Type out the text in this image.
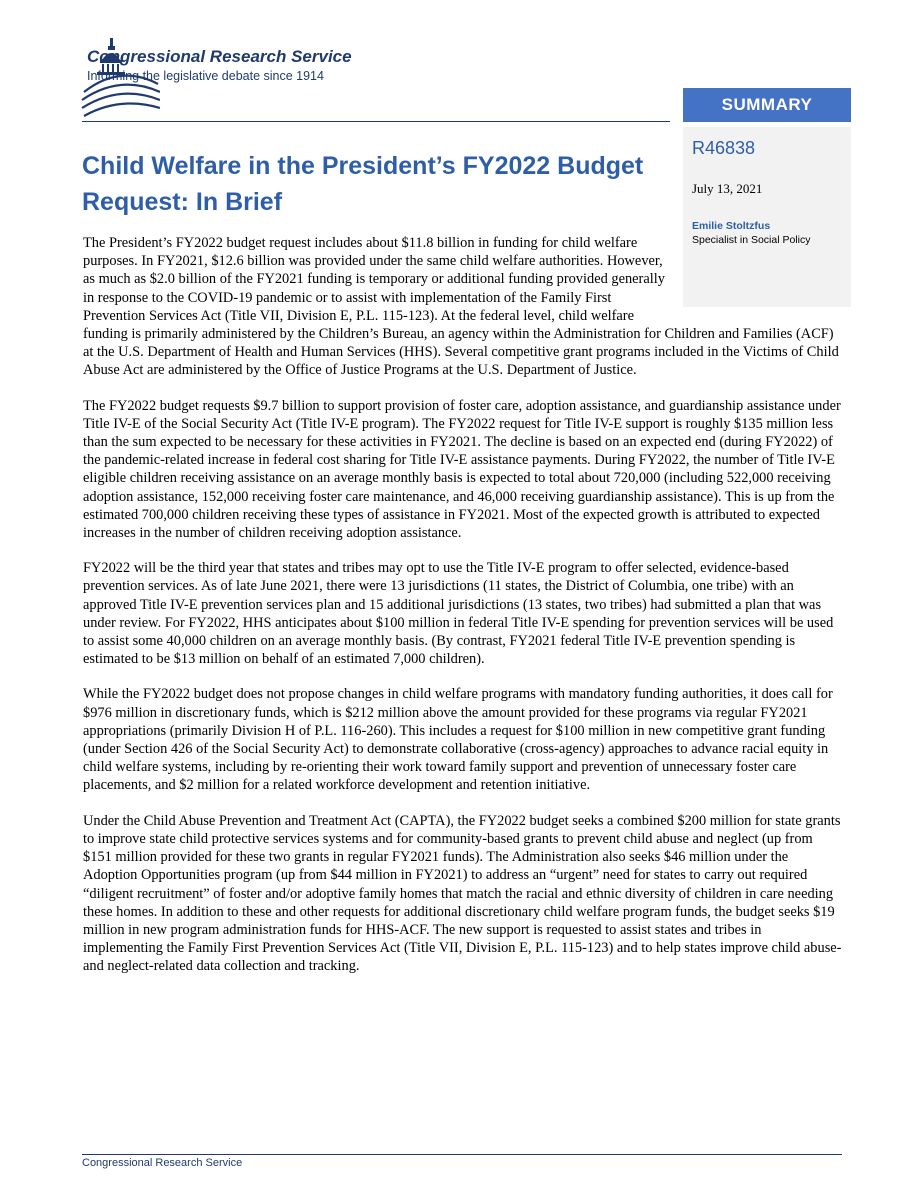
Congressional Research Service
Informing the legislative debate since 1914
SUMMARY
R46838
July 13, 2021
Emilie Stoltzfus
Specialist in Social Policy
Child Welfare in the President’s FY2022 Budget Request: In Brief

The President’s FY2022 budget request includes about $11.8 billion in funding for child welfare purposes. In FY2021, $12.6 billion was provided under the same child welfare authorities. However, as much as $2.0 billion of the FY2021 funding is temporary or additional funding provided generally in response to the COVID-19 pandemic or to assist with implementation of the Family First Prevention Services Act (Title VII, Division E, P.L. 115-123). At the federal level, child welfare funding is primarily administered by the Children’s Bureau, an agency within the Administration for Children and Families (ACF) at the U.S. Department of Health and Human Services (HHS). Several competitive grant programs included in the Victims of Child Abuse Act are administered by the Office of Justice Programs at the U.S. Department of Justice.

The FY2022 budget requests $9.7 billion to support provision of foster care, adoption assistance, and guardianship assistance under Title IV-E of the Social Security Act (Title IV-E program). The FY2022 request for Title IV-E support is roughly $135 million less than the sum expected to be necessary for these activities in FY2021. The decline is based on an expected end (during FY2022) of the pandemic-related increase in federal cost sharing for Title IV-E assistance payments. During FY2022, the number of Title IV-E eligible children receiving assistance on an average monthly basis is expected to total about 720,000 (including 522,000 receiving adoption assistance, 152,000 receiving foster care maintenance, and 46,000 receiving guardianship assistance). This is up from the estimated 700,000 children receiving these types of assistance in FY2021. Most of the expected growth is attributed to expected increases in the number of children receiving adoption assistance.

FY2022 will be the third year that states and tribes may opt to use the Title IV-E program to offer selected, evidence-based prevention services. As of late June 2021, there were 13 jurisdictions (11 states, the District of Columbia, one tribe) with an approved Title IV-E prevention services plan and 15 additional jurisdictions (13 states, two tribes) had submitted a plan that was under review. For FY2022, HHS anticipates about $100 million in federal Title IV-E spending for prevention services will be used to assist some 40,000 children on an average monthly basis. (By contrast, FY2021 federal Title IV-E prevention spending is estimated to be $13 million on behalf of an estimated 7,000 children).

While the FY2022 budget does not propose changes in child welfare programs with mandatory funding authorities, it does call for $976 million in discretionary funds, which is $212 million above the amount provided for these programs via regular FY2021 appropriations (primarily Division H of P.L. 116-260). This includes a request for $100 million in new competitive grant funding (under Section 426 of the Social Security Act) to demonstrate collaborative (cross-agency) approaches to advance racial equity in child welfare systems, including by re-orienting their work toward family support and prevention of unnecessary foster care placements, and $2 million for a related workforce development and retention initiative.

Under the Child Abuse Prevention and Treatment Act (CAPTA), the FY2022 budget seeks a combined $200 million for state grants to improve state child protective services systems and for community-based grants to prevent child abuse and neglect (up from $151 million provided for these two grants in regular FY2021 funds). The Administration also seeks $46 million under the Adoption Opportunities program (up from $44 million in FY2021) to address an “urgent” need for states to carry out required “diligent recruitment” of foster and/or adoptive family homes that match the racial and ethnic diversity of children in care needing these homes. In addition to these and other requests for additional discretionary child welfare program funds, the budget seeks $19 million in new program administration funds for HHS-ACF. The new support is requested to assist states and tribes in implementing the Family First Prevention Services Act (Title VII, Division E, P.L. 115-123) and to help states improve child abuse- and neglect-related data collection and tracking.

Congressional Research Service
